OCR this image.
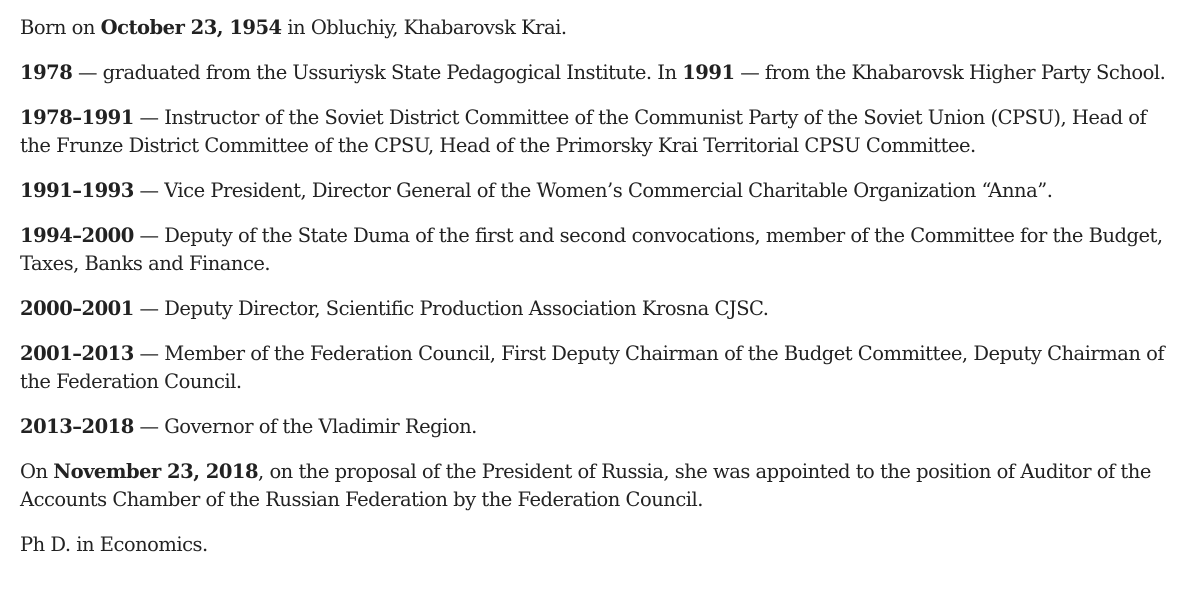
Born on October 23, 1954 in Obluchiy, Khabarovsk Krai.

1978 — graduated from the Ussuriysk State Pedagogical Institute. In 1991 — from the Khabarovsk Higher Party School.

1978–1991 — Instructor of the Soviet District Committee of the Communist Party of the Soviet Union (CPSU), Head of the Frunze District Committee of the CPSU, Head of the Primorsky Krai Territorial CPSU Committee.

1991–1993 — Vice President, Director General of the Women’s Commercial Charitable Organization “Anna”.

1994–2000 — Deputy of the State Duma of the first and second convocations, member of the Committee for the Budget, Taxes, Banks and Finance.

2000–2001 — Deputy Director, Scientific Production Association Krosna CJSC.

2001–2013 — Member of the Federation Council, First Deputy Chairman of the Budget Committee, Deputy Chairman of the Federation Council.

2013–2018 — Governor of the Vladimir Region.

On November 23, 2018, on the proposal of the President of Russia, she was appointed to the position of Auditor of the Accounts Chamber of the Russian Federation by the Federation Council.

Ph D. in Economics.
